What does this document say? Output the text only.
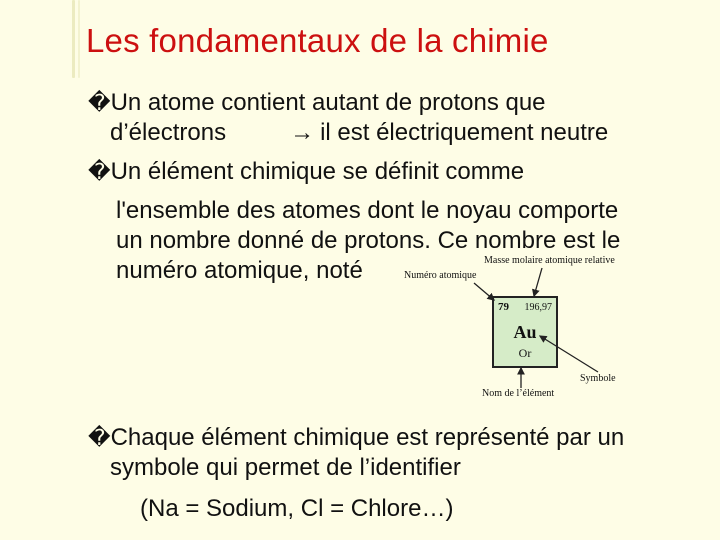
Les fondamentaux de la chimie
�Un atome contient autant de protons que
d’électrons	→ il est électriquement neutre
�Un élément chimique se définit comme
l'ensemble des atomes dont le noyau comporte
un nombre donné de protons. Ce nombre est le
numéro atomique, noté	Masse molaire atomique relative
Numéro atomique
Symbole
Nom de l’élément
79 196,97
Au
Or
�Chaque élément chimique est représenté par un
symbole qui permet de l’identifier
(Na = Sodium, Cl = Chlore…)
